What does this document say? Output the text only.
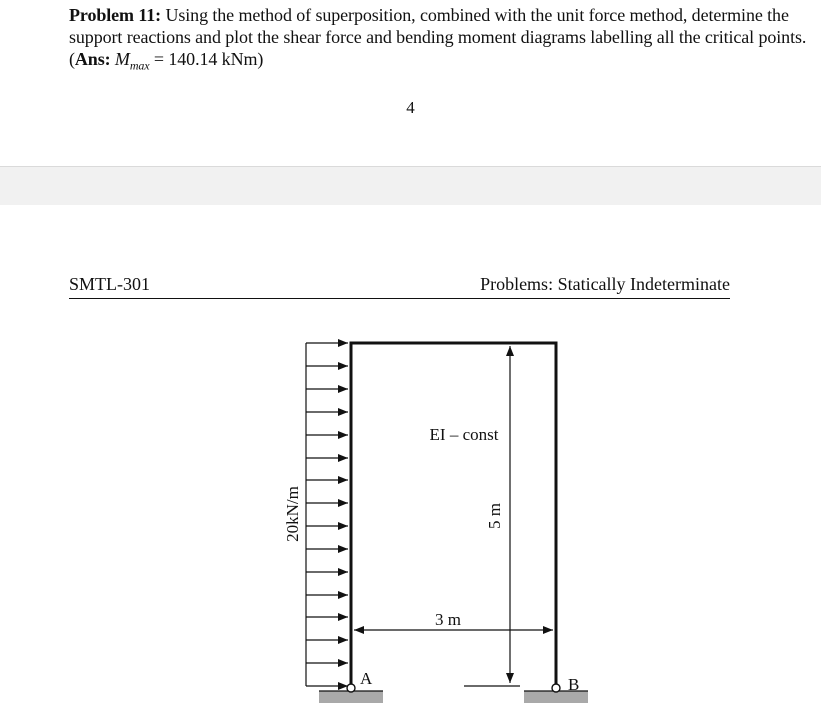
Problem 11: Using the method of superposition, combined with the unit force method, determine the support reactions and plot the shear force and bending moment diagrams labelling all the critical points. (Ans: $M_{max} = 140.14$ kNm)
4
SMTL-301	Problems: Statically Indeterminate
20kN/m	5 m
3 m
EI – const
A	B
